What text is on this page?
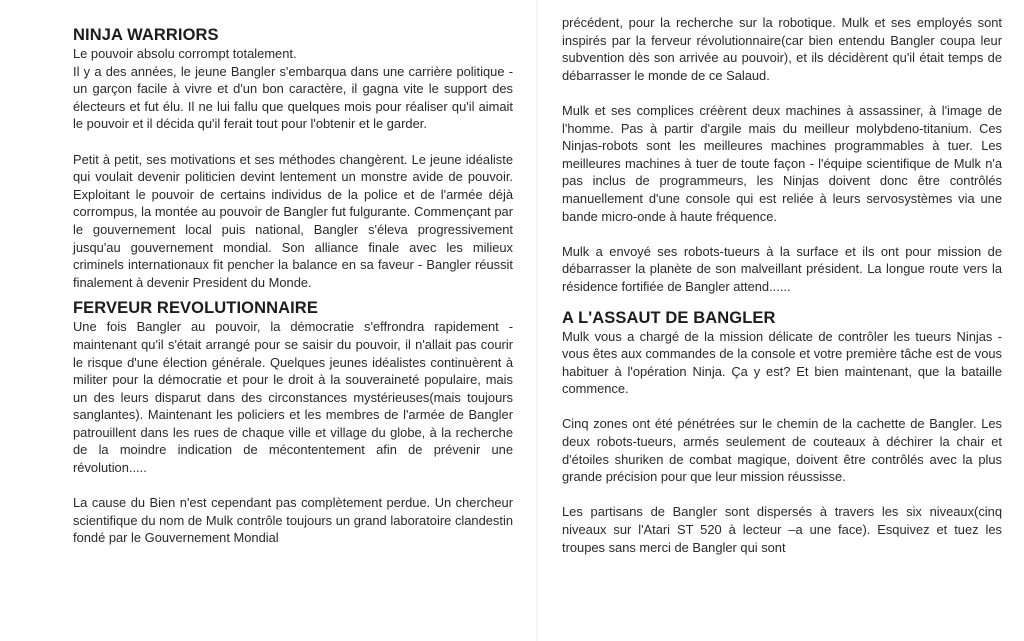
NINJA WARRIORS

Le pouvoir absolu corrompt totalement.

Il y a des années, le jeune Bangler s'embarqua dans une carrière politique - un garçon facile à vivre et d'un bon caractère, il gagna vite le support des électeurs et fut élu. Il ne lui fallu que quelques mois pour réaliser qu'il aimait le pouvoir et il décida qu'il ferait tout pour l'obtenir et le garder.

Petit à petit, ses motivations et ses méthodes changèrent. Le jeune idéaliste qui voulait devenir politicien devint lentement un monstre avide de pouvoir. Exploitant le pouvoir de certains individus de la police et de l'armée déjà corrompus, la montée au pouvoir de Bangler fut fulgurante. Commençant par le gouvernement local puis national, Bangler s'éleva progressivement jusqu'au gouvernement mondial. Son alliance finale avec les milieux criminels internationaux fit pencher la balance en sa faveur - Bangler réussit finalement à devenir President du Monde.

FERVEUR REVOLUTIONNAIRE

Une fois Bangler au pouvoir, la démocratie s'effrondra rapidement - maintenant qu'il s'était arrangé pour se saisir du pouvoir, il n'allait pas courir le risque d'une élection générale. Quelques jeunes idéalistes continuèrent à militer pour la démocratie et pour le droit à la souveraineté populaire, mais un des leurs disparut dans des circonstances mystérieuses(mais toujours sanglantes). Maintenant les policiers et les membres de l'armée de Bangler patrouillent dans les rues de chaque ville et village du globe, à la recherche de la moindre indication de mécontentement afin de prévenir une révolution.....

La cause du Bien n'est cependant pas complètement perdue. Un chercheur scientifique du nom de Mulk contrôle toujours un grand laboratoire clandestin fondé par le Gouvernement Mondial

précédent, pour la recherche sur la robotique. Mulk et ses employés sont inspirés par la ferveur révolutionnaire(car bien entendu Bangler coupa leur subvention dès son arrivée au pouvoir), et ils décidèrent qu'il était temps de débarrasser le monde de ce Salaud.

Mulk et ses complices créèrent deux machines à assassiner, à l'image de l'homme. Pas à partir d'argile mais du meilleur molybdeno-titanium. Ces Ninjas-robots sont les meilleures machines programmables à tuer. Les meilleures machines à tuer de toute façon - l'équipe scientifique de Mulk n'a pas inclus de programmeurs, les Ninjas doivent donc être contrôlés manuellement d'une console qui est reliée à leurs servosystèmes via une bande micro-onde à haute fréquence.

Mulk a envoyé ses robots-tueurs à la surface et ils ont pour mission de débarrasser la planète de son malveillant président. La longue route vers la résidence fortifiée de Bangler attend......

A L'ASSAUT DE BANGLER

Mulk vous a chargé de la mission délicate de contrôler les tueurs Ninjas - vous êtes aux commandes de la console et votre première tâche est de vous habituer à l'opération Ninja. Ça y est? Et bien maintenant, que la bataille commence.

Cinq zones ont été pénétrées sur le chemin de la cachette de Bangler. Les deux robots-tueurs, armés seulement de couteaux à déchirer la chair et d'étoiles shuriken de combat magique, doivent être contrôlés avec la plus grande précision pour que leur mission réussisse.

Les partisans de Bangler sont dispersés à travers les six niveaux(cinq niveaux sur l'Atari ST 520 à lecteur –a une face). Esquivez et tuez les troupes sans merci de Bangler qui sont
